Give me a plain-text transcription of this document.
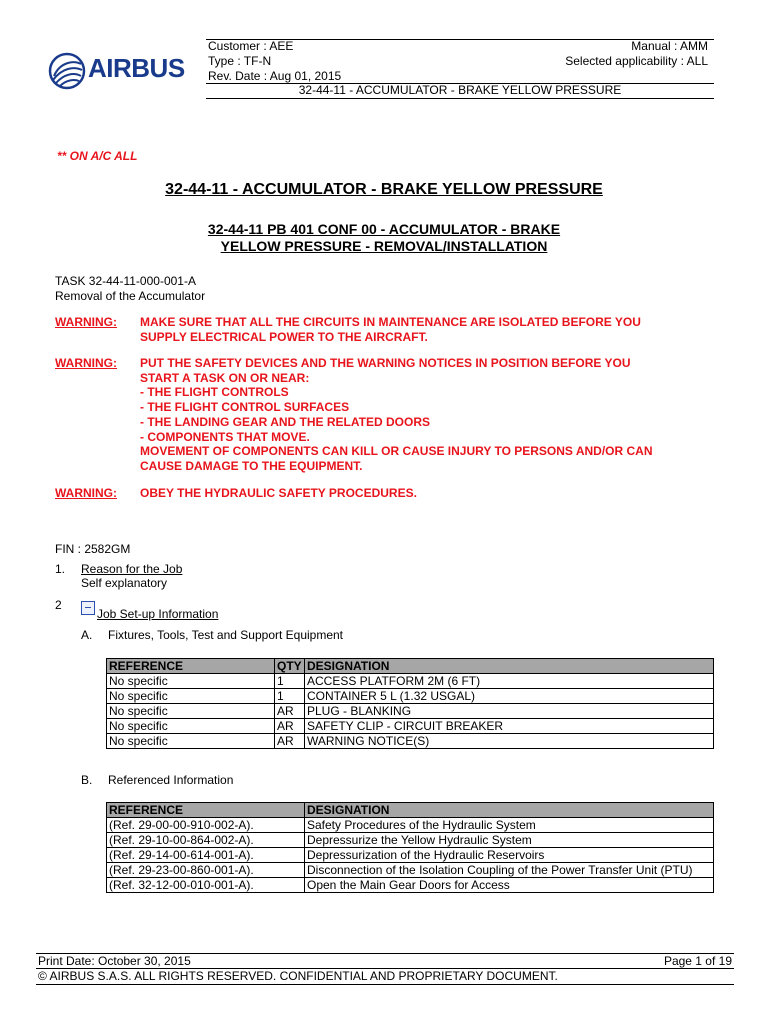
AIRBUS
Customer : AEE	Manual : AMM
Type : TF-N	Selected applicability : ALL
Rev. Date : Aug 01, 2015
32-44-11 - ACCUMULATOR - BRAKE YELLOW PRESSURE
** ON A/C ALL
32-44-11 - ACCUMULATOR - BRAKE YELLOW PRESSURE
32-44-11 PB 401 CONF 00 - ACCUMULATOR - BRAKE
YELLOW PRESSURE - REMOVAL/INSTALLATION
TASK 32-44-11-000-001-A
Removal of the Accumulator
WARNING: MAKE SURE THAT ALL THE CIRCUITS IN MAINTENANCE ARE ISOLATED BEFORE YOU
SUPPLY ELECTRICAL POWER TO THE AIRCRAFT.
WARNING: PUT THE SAFETY DEVICES AND THE WARNING NOTICES IN POSITION BEFORE YOU
START A TASK ON OR NEAR:
- THE FLIGHT CONTROLS
- THE FLIGHT CONTROL SURFACES
- THE LANDING GEAR AND THE RELATED DOORS
- COMPONENTS THAT MOVE.
MOVEMENT OF COMPONENTS CAN KILL OR CAUSE INJURY TO PERSONS AND/OR CAN
CAUSE DAMAGE TO THE EQUIPMENT.
WARNING: OBEY THE HYDRAULIC SAFETY PROCEDURES.
FIN : 2582GM
1. Reason for the Job
Self explanatory
2
Job Set-up Information
A. Fixtures, Tools, Test and Support Equipment
REFERENCE	QTY	DESIGNATION
No specific	1	ACCESS PLATFORM 2M (6 FT)
No specific	1	CONTAINER 5 L (1.32 USGAL)
No specific	AR	PLUG - BLANKING
No specific	AR	SAFETY CLIP - CIRCUIT BREAKER
No specific	AR	WARNING NOTICE(S)
B. Referenced Information
REFERENCE	DESIGNATION
(Ref. 29-00-00-910-002-A).	Safety Procedures of the Hydraulic System
(Ref. 29-10-00-864-002-A).	Depressurize the Yellow Hydraulic System
(Ref. 29-14-00-614-001-A).	Depressurization of the Hydraulic Reservoirs
(Ref. 29-23-00-860-001-A).	Disconnection of the Isolation Coupling of the Power Transfer Unit (PTU)
(Ref. 32-12-00-010-001-A).	Open the Main Gear Doors for Access
Print Date: October 30, 2015	Page 1 of 19
© AIRBUS S.A.S. ALL RIGHTS RESERVED. CONFIDENTIAL AND PROPRIETARY DOCUMENT.
